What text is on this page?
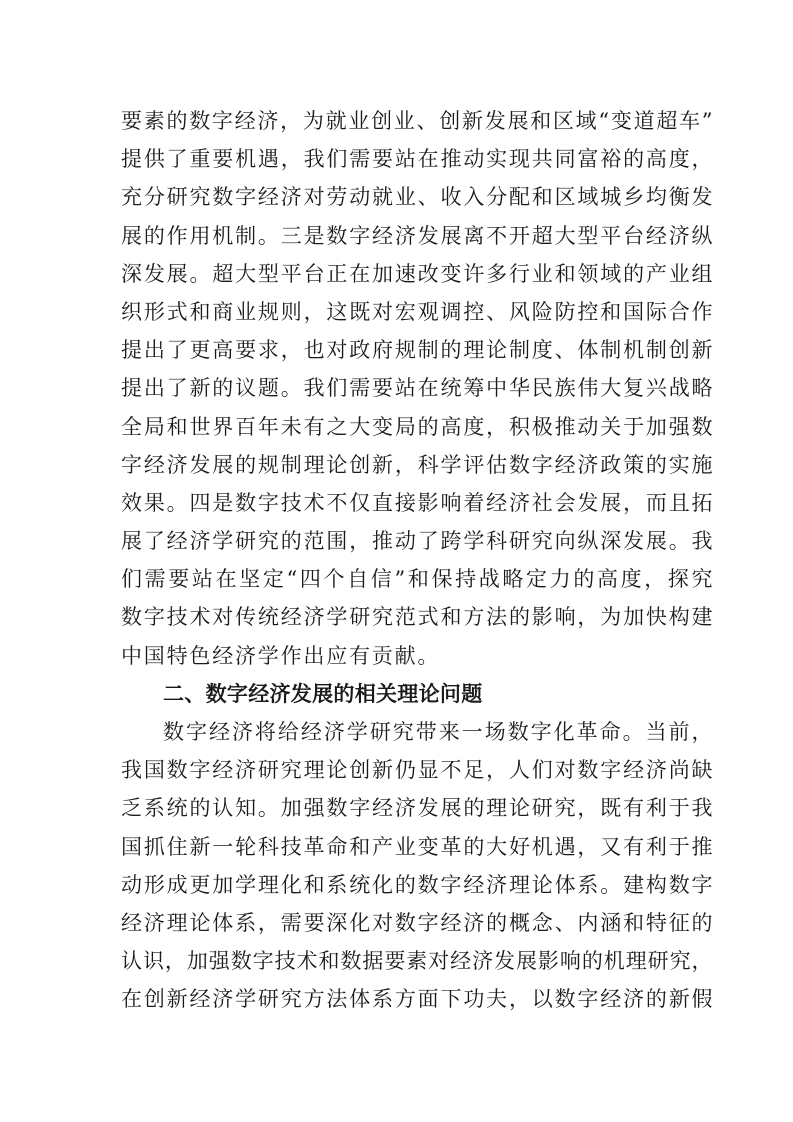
要素的数字经济，为就业创业、创新发展和区域“变道超车”
提供了重要机遇，我们需要站在推动实现共同富裕的高度，
充分研究数字经济对劳动就业、收入分配和区域城乡均衡发
展的作用机制。三是数字经济发展离不开超大型平台经济纵
深发展。超大型平台正在加速改变许多行业和领域的产业组
织形式和商业规则，这既对宏观调控、风险防控和国际合作
提出了更高要求，也对政府规制的理论制度、体制机制创新
提出了新的议题。我们需要站在统筹中华民族伟大复兴战略
全局和世界百年未有之大变局的高度，积极推动关于加强数
字经济发展的规制理论创新，科学评估数字经济政策的实施
效果。四是数字技术不仅直接影响着经济社会发展，而且拓
展了经济学研究的范围，推动了跨学科研究向纵深发展。我
们需要站在坚定“四个自信”和保持战略定力的高度，探究
数字技术对传统经济学研究范式和方法的影响，为加快构建
中国特色经济学作出应有贡献。
二、数字经济发展的相关理论问题
数字经济将给经济学研究带来一场数字化革命。当前，
我国数字经济研究理论创新仍显不足，人们对数字经济尚缺
乏系统的认知。加强数字经济发展的理论研究，既有利于我
国抓住新一轮科技革命和产业变革的大好机遇，又有利于推
动形成更加学理化和系统化的数字经济理论体系。建构数字
经济理论体系，需要深化对数字经济的概念、内涵和特征的
认识，加强数字技术和数据要素对经济发展影响的机理研究，
在创新经济学研究方法体系方面下功夫，以数字经济的新假
